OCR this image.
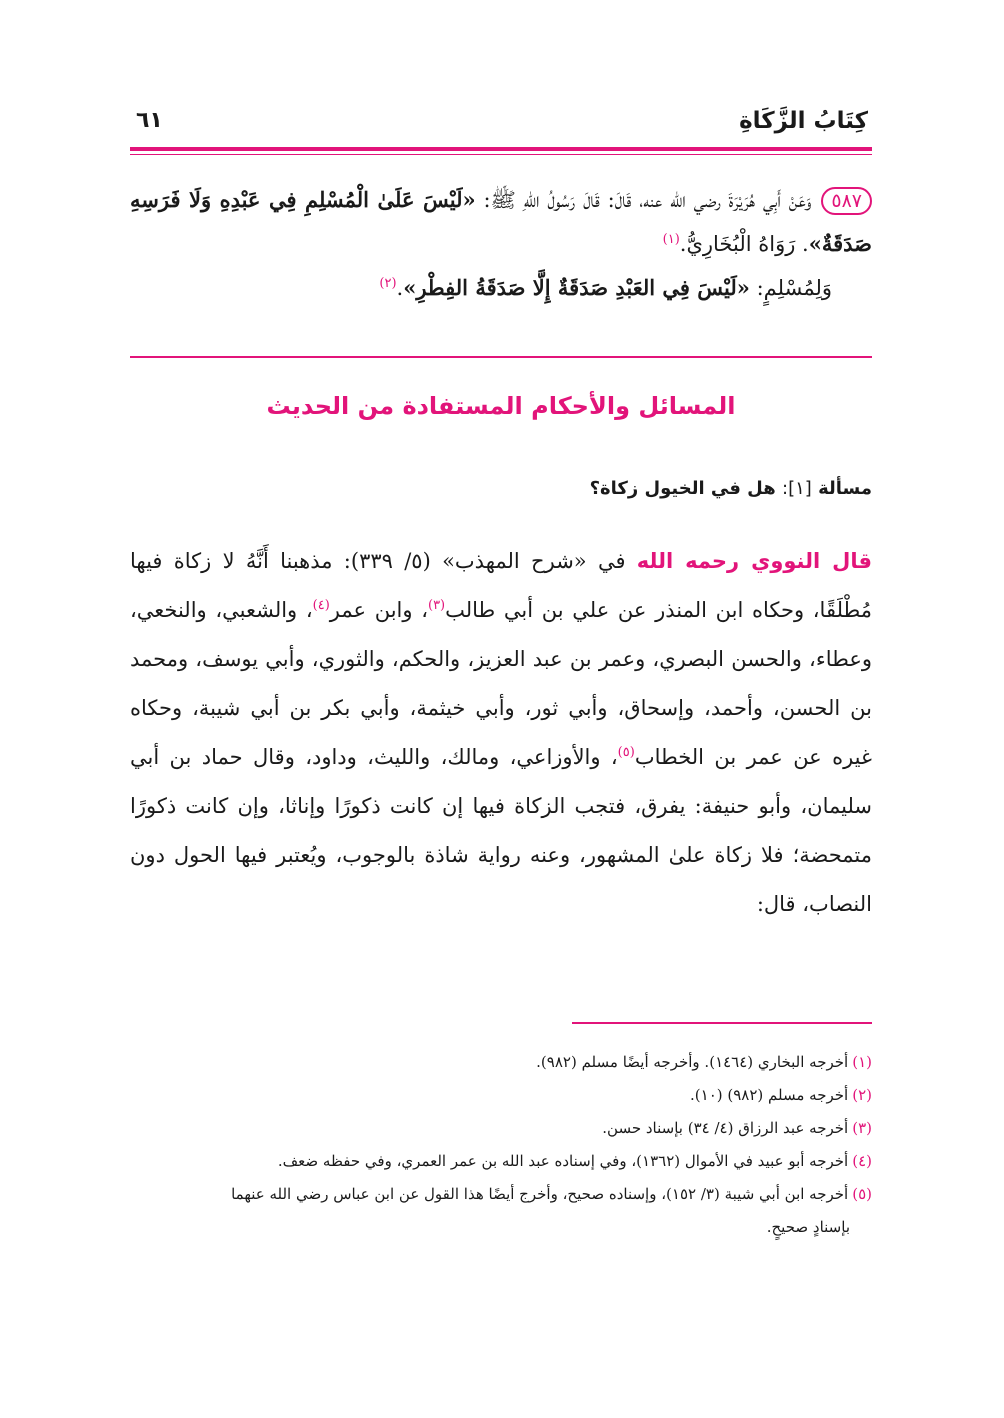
كِتَابُ الزَّكَاةِ
٦١

٥٨٧وَعَنْ أَبِي هُرَيْرَةَ رضي الله عنه، قَالَ: قَالَ رَسُولُ اللهِ ﷺ: «لَيْسَ عَلَىٰ الْمُسْلِمِ فِي عَبْدِهِ وَلَا فَرَسِهِ صَدَقَةٌ». رَوَاهُ الْبُخَارِيُّ.$^{(١)}$

وَلِمُسْلِمٍ: «لَيْسَ فِي العَبْدِ صَدَقَةٌ إِلَّا صَدَقَةُ الفِطْرِ».$^{(٢)}$

المسائل والأحكام المستفادة من الحديث
مسألة [١]: هل في الخيول زكاة؟

قال النووي رحمه الله في «شرح المهذب» (٥/ ٣٣٩): مذهبنا أَنَّهُ لا زكاة فيها مُطْلَقًا، وحكاه ابن المنذر عن علي بن أبي طالب$^{(٣)}$، وابن عمر$^{(٤)}$، والشعبي، والنخعي، وعطاء، والحسن البصري، وعمر بن عبد العزيز، والحكم، والثوري، وأبي يوسف، ومحمد بن الحسن، وأحمد، وإسحاق، وأبي ثور، وأبي خيثمة، وأبي بكر بن أبي شيبة، وحكاه غيره عن عمر بن الخطاب$^{(٥)}$، والأوزاعي، ومالك، والليث، وداود، وقال حماد بن أبي سليمان، وأبو حنيفة: يفرق، فتجب الزكاة فيها إن كانت ذكورًا وإناثا، وإن كانت ذكورًا متمحضة؛ فلا زكاة علىٰ المشهور، وعنه رواية شاذة بالوجوب، ويُعتبر فيها الحول دون النصاب، قال:

(١)أخرجه البخاري (١٤٦٤). وأخرجه أيضًا مسلم (٩٨٢).

(٢)أخرجه مسلم (٩٨٢) (١٠).

(٣)أخرجه عبد الرزاق (٤/ ٣٤) بإسناد حسن.

(٤)أخرجه أبو عبيد في الأموال (١٣٦٢)، وفي إسناده عبد الله بن عمر العمري، وفي حفظه ضعف.

(٥)أخرجه ابن أبي شيبة (٣/ ١٥٢)، وإسناده صحيح، وأخرج أيضًا هذا القول عن ابن عباس رضي الله عنهما
بإسنادٍ صحيحٍ.
